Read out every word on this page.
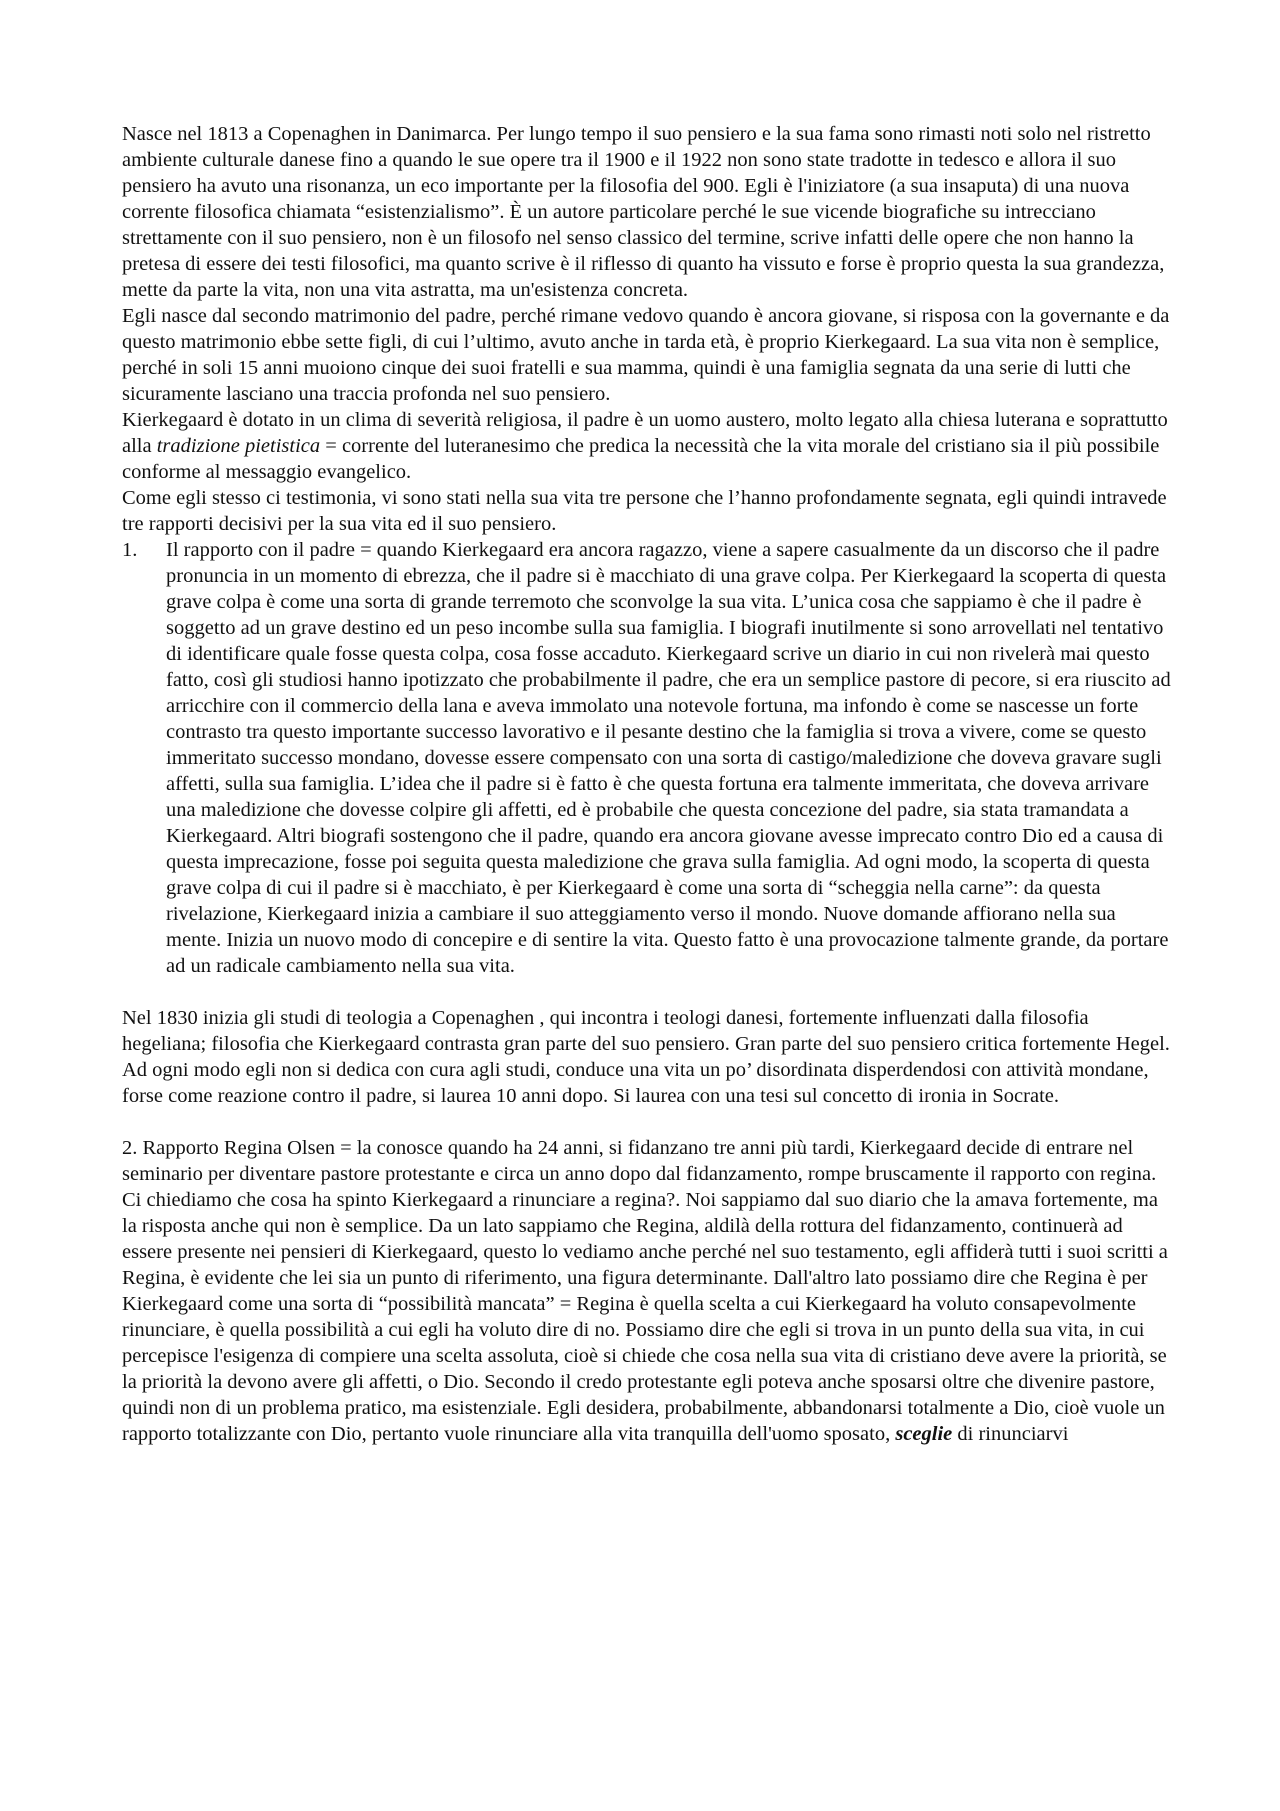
Nasce nel 1813 a Copenaghen in Danimarca. Per lungo tempo il suo pensiero e la sua fama sono rimasti noti solo nel ristretto ambiente culturale danese fino a quando le sue opere tra il 1900 e il 1922 non sono state tradotte in tedesco e allora il suo pensiero ha avuto una risonanza, un eco importante per la filosofia del 900. Egli è l'iniziatore (a sua insaputa) di una nuova corrente filosofica chiamata “esistenzialismo”. È un autore particolare perché le sue vicende biografiche su intrecciano strettamente con il suo pensiero, non è un filosofo nel senso classico del termine, scrive infatti delle opere che non hanno la pretesa di essere dei testi filosofici, ma quanto scrive è il riflesso di quanto ha vissuto e forse è proprio questa la sua grandezza, mette da parte la vita, non una vita astratta, ma un'esistenza concreta.

Egli nasce dal secondo matrimonio del padre, perché rimane vedovo quando è ancora giovane, si risposa con la governante e da questo matrimonio ebbe sette figli, di cui l’ultimo, avuto anche in tarda età, è proprio Kierkegaard. La sua vita non è semplice, perché in soli 15 anni muoiono cinque dei suoi fratelli e sua mamma, quindi è una famiglia segnata da una serie di lutti che sicuramente lasciano una traccia profonda nel suo pensiero.

Kierkegaard è dotato in un clima di severità religiosa, il padre è un uomo austero, molto legato alla chiesa luterana e soprattutto alla tradizione pietistica = corrente del luteranesimo che predica la necessità che la vita morale del cristiano sia il più possibile conforme al messaggio evangelico.

Come egli stesso ci testimonia, vi sono stati nella sua vita tre persone che l’hanno profondamente segnata, egli quindi intravede tre rapporti decisivi per la sua vita ed il suo pensiero.

1. Il rapporto con il padre = quando Kierkegaard era ancora ragazzo, viene a sapere casualmente da un discorso che il padre pronuncia in un momento di ebrezza, che il padre si è macchiato di una grave colpa. Per Kierkegaard la scoperta di questa grave colpa è come una sorta di grande terremoto che sconvolge la sua vita. L’unica cosa che sappiamo è che il padre è soggetto ad un grave destino ed un peso incombe sulla sua famiglia. I biografi inutilmente si sono arrovellati nel tentativo di identificare quale fosse questa colpa, cosa fosse accaduto. Kierkegaard scrive un diario in cui non rivelerà mai questo fatto, così gli studiosi hanno ipotizzato che probabilmente il padre, che era un semplice pastore di pecore, si era riuscito ad arricchire con il commercio della lana e aveva immolato una notevole fortuna, ma infondo è come se nascesse un forte contrasto tra questo importante successo lavorativo e il pesante destino che la famiglia si trova a vivere, come se questo immeritato successo mondano, dovesse essere compensato con una sorta di castigo/maledizione che doveva gravare sugli affetti, sulla sua famiglia. L’idea che il padre si è fatto è che questa fortuna era talmente immeritata, che doveva arrivare una maledizione che dovesse colpire gli affetti, ed è probabile che questa concezione del padre, sia stata tramandata a Kierkegaard. Altri biografi sostengono che il padre, quando era ancora giovane avesse imprecato contro Dio ed a causa di questa imprecazione, fosse poi seguita questa maledizione che grava sulla famiglia. Ad ogni modo, la scoperta di questa grave colpa di cui il padre si è macchiato, è per Kierkegaard è come una sorta di “scheggia nella carne”: da questa rivelazione, Kierkegaard inizia a cambiare il suo atteggiamento verso il mondo. Nuove domande affiorano nella sua mente. Inizia un nuovo modo di concepire e di sentire la vita. Questo fatto è una provocazione talmente grande, da portare ad un radicale cambiamento nella sua vita.

Nel 1830 inizia gli studi di teologia a Copenaghen , qui incontra i teologi danesi, fortemente influenzati dalla filosofia hegeliana; filosofia che Kierkegaard contrasta gran parte del suo pensiero. Gran parte del suo pensiero critica fortemente Hegel. Ad ogni modo egli non si dedica con cura agli studi, conduce una vita un po’ disordinata disperdendosi con attività mondane, forse come reazione contro il padre, si laurea 10 anni dopo. Si laurea con una tesi sul concetto di ironia in Socrate.

2. Rapporto Regina Olsen = la conosce quando ha 24 anni, si fidanzano tre anni più tardi, Kierkegaard decide di entrare nel seminario per diventare pastore protestante e circa un anno dopo dal fidanzamento, rompe bruscamente il rapporto con regina. Ci chiediamo che cosa ha spinto Kierkegaard a rinunciare a regina?. Noi sappiamo dal suo diario che la amava fortemente, ma la risposta anche qui non è semplice. Da un lato sappiamo che Regina, aldilà della rottura del fidanzamento, continuerà ad essere presente nei pensieri di Kierkegaard, questo lo vediamo anche perché nel suo testamento, egli affiderà tutti i suoi scritti a Regina, è evidente che lei sia un punto di riferimento, una figura determinante. Dall'altro lato possiamo dire che Regina è per Kierkegaard come una sorta di “possibilità mancata” = Regina è quella scelta a cui Kierkegaard ha voluto consapevolmente rinunciare, è quella possibilità a cui egli ha voluto dire di no. Possiamo dire che egli si trova in un punto della sua vita, in cui percepisce l'esigenza di compiere una scelta assoluta, cioè si chiede che cosa nella sua vita di cristiano deve avere la priorità, se la priorità la devono avere gli affetti, o Dio. Secondo il credo protestante egli poteva anche sposarsi oltre che divenire pastore, quindi non di un problema pratico, ma esistenziale. Egli desidera, probabilmente, abbandonarsi totalmente a Dio, cioè vuole un rapporto totalizzante con Dio, pertanto vuole rinunciare alla vita tranquilla dell'uomo sposato, sceglie di rinunciarvi
